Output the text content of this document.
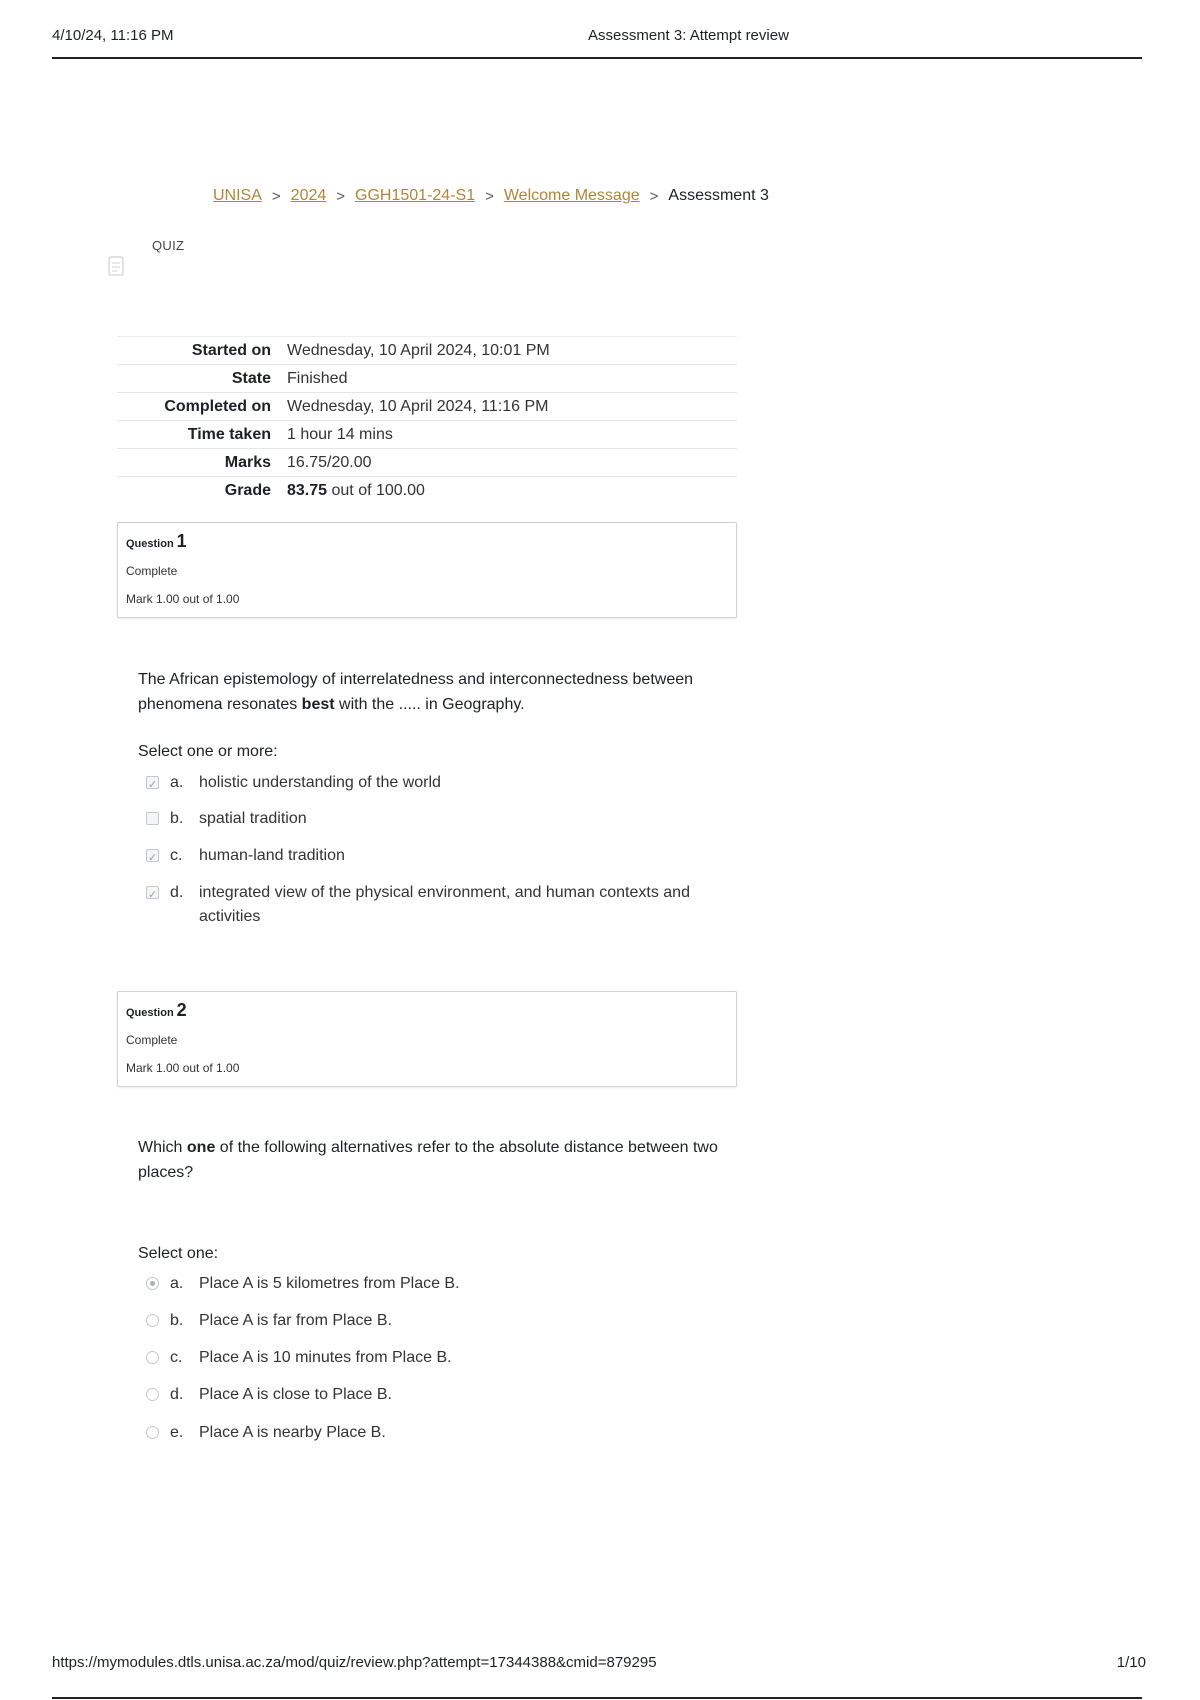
4/10/24, 11:16 PM	Assessment 3: Attempt review
UNISA > 2024 > GGH1501-24-S1 > Welcome Message > Assessment 3
QUIZ
Started on	Wednesday, 10 April 2024, 10:01 PM
State	Finished
Completed on	Wednesday, 10 April 2024, 11:16 PM
Time taken	1 hour 14 mins
Marks	16.75/20.00
Grade	83.75 out of 100.00
Question 1
Complete
Mark 1.00 out of 1.00
The African epistemology of interrelatedness and interconnectedness between phenomena resonates best with the ..... in Geography.
Select one or more:
✓
a. holistic understanding of the world
b. spatial tradition
✓
c. human-land tradition
✓
d. integrated view of the physical environment, and human contexts and activities
Question 2
Complete
Mark 1.00 out of 1.00
Which one of the following alternatives refer to the absolute distance between two places?
Select one:
a. Place A is 5 kilometres from Place B.
b. Place A is far from Place B.
c. Place A is 10 minutes from Place B.
d. Place A is close to Place B.
e. Place A is nearby Place B.
https://mymodules.dtls.unisa.ac.za/mod/quiz/review.php?attempt=17344388&cmid=879295	1/10
